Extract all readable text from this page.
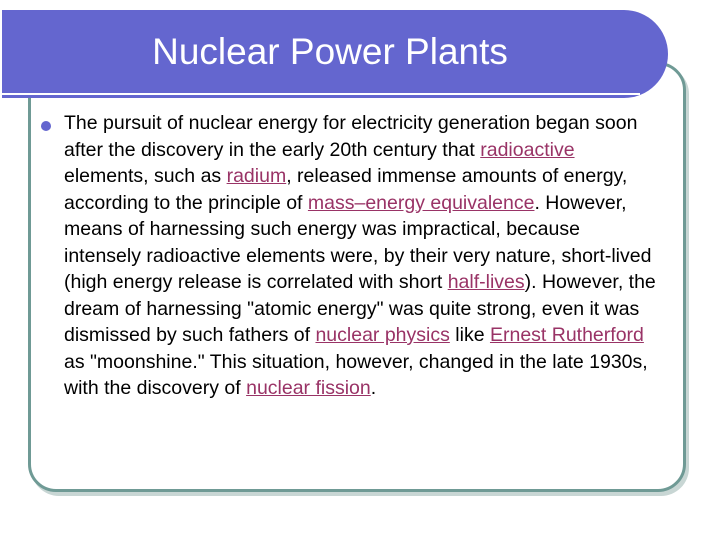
Nuclear Power Plants
The pursuit of nuclear energy for electricity generation began soon after the discovery in the early 20th century that radioactive elements, such as radium, released immense amounts of energy, according to the principle of mass–energy equivalence. However, means of harnessing such energy was impractical, because intensely radioactive elements were, by their very nature, short-lived (high energy release is correlated with short half-lives). However, the dream of harnessing "atomic energy" was quite strong, even it was dismissed by such fathers of nuclear physics like Ernest Rutherford as "moonshine." This situation, however, changed in the late 1930s, with the discovery of nuclear fission.
